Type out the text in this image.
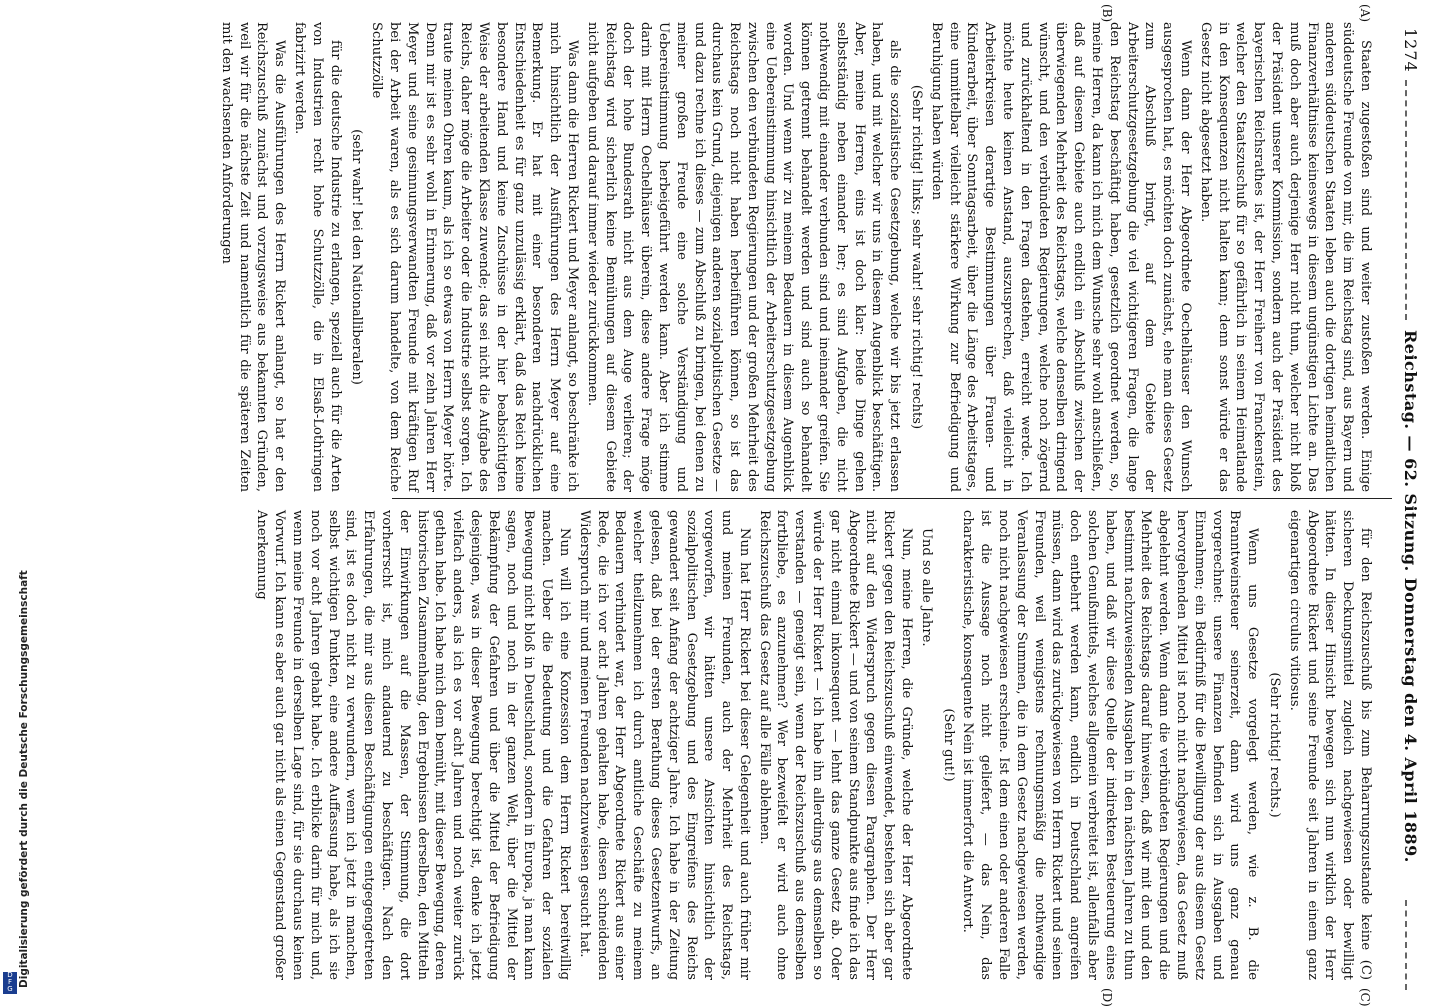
Digitalisierung gefördert durch die Deutsche Forschungsgemeinschaft
D
F
G
1274
Reichstag. — 62. Sitzung. Donnerstag den 4. April 1889.
(A)
(B)
(C)
(D)

Staaten zugestoßen sind und weiter zustoßen werden. Einige süddeutsche Freunde von mir, die im Reichstag sind, aus Bayern und anderen süddeutschen Staaten leben auch die dortigen heimatlichen Finanzverhältnisse keineswegs in diesem ungünstigen Lichte an. Das muß doch aber auch derjenige Herr nicht thun, welcher nicht bloß der Präsident unserer Kommission, sondern auch der Präsident des bayerischen Reichsrathes ist, der Herr Freiherr von Franckenstein, welcher den Staatszuschuß für so gefährlich in seinem Heimatlande in den Konsequenzen nicht halten kann; denn sonst würde er das Gesetz nicht abgesetzt haben.

Wenn dann der Herr Abgeordnete Oechelhäuser den Wunsch ausgesprochen hat, es möchten doch zunächst, ehe man dieses Gesetz zum Abschluß bringt, auf dem Gebiete der Arbeiterschutzgesetzgebung die viel wichtigeren Fragen, die lange den Reichstag beschäftigt haben, gesetzlich geordnet werden, so, meine Herren, da kann ich mich dem Wunsche sehr wohl anschließen, daß auf diesem Gebiete auch endlich ein Abschluß zwischen der überwiegenden Mehrheit des Reichstags, welche denselben dringend wünscht, und den verbündeten Regierungen, welche noch zögernd und zurückhaltend in den Fragen dastehen, erreicht werde. Ich möchte heute keinen Anstand, auszusprechen, daß vielleicht in Arbeiterkreisen derartige Bestimmungen über Frauen- und Kinderarbeit, über Sonntagsarbeit, über die Länge des Arbeitstages, eine unmittelbar vielleicht stärkere Wirkung zur Befriedigung und Beruhigung haben würden

(Sehr richtig! links; sehr wahr! sehr richtig! rechts)

als die sozialistische Gesetzgebung, welche wir bis jetzt erlassen haben, und mit welcher wir uns in diesem Augenblick beschäftigen. Aber, meine Herren, eins ist doch klar: beide Dinge gehen selbstständig neben einander her; es sind Aufgaben, die nicht nothwendig mit einander verbunden sind und ineinander greifen. Sie können getrennt behandelt werden und sind auch so behandelt worden. Und wenn wir zu meinem Bedauern in diesem Augenblick eine Uebereinstimmung hinsichtlich der Arbeiterschutzgesetzgebung zwischen den verbündeten Regierungen und der großen Mehrheit des Reichstags noch nicht haben herbeiführen können, so ist das durchaus kein Grund, diejenigen anderen sozialpolitischen Gesetze — und dazu rechne ich dieses — zum Abschluß zu bringen, bei denen zu meiner großen Freude eine solche Verständigung und Uebereinstimmung herbeigeführt werden kann. Aber ich stimme darin mit Herrn Oechelhäuser überein, diese andere Frage möge doch der hohe Bundesrath nicht aus dem Auge verlieren; der Reichstag wird sicherlich keine Bemühungen auf diesem Gebiete nicht aufgeben und darauf immer wieder zurückkommen.

Was dann die Herren Rickert und Meyer anlangt, so beschränke ich mich hinsichtlich der Ausführungen des Herrn Meyer auf eine Bemerkung. Er hat mit einer besonderen nachdrücklichen Entschiedenheit es für ganz unzulässig erklärt, daß das Reich keine besondere Hand und keine Zuschüsse in der hier beabsichtigten Weise der arbeitenden Klasse zuwende; das sei nicht die Aufgabe des Reichs, daher möge die Arbeiter oder die Industrie selbst sorgen. Ich traute meinen Ohren kaum, als ich so etwas von Herrn Meyer hörte. Denn mir ist es sehr wohl in Erinnerung, daß vor zehn Jahren Herr Meyer und seine gesinnungsverwandten Freunde mit kräftigen Ruf bei der Arbeit waren, als es sich darum handelte, von dem Reiche Schutzzölle

(sehr wahr! bei den Nationalliberalen)

für die deutsche Industrie zu erlangen, speziell auch für die Arten von Industrien recht hohe Schutzzölle, die in Elsaß-Lothringen fabrizirt werden.

Was die Ausführungen des Herrn Rickert anlangt, so hat er den Reichszuschuß zunächst und vorzugsweise aus bekannten Gründen, weil wir für die nächste Zeit und namentlich für die späteren Zeiten mit den wachsenden Anforderungen

für den Reichszuschuß bis zum Beharrungszustande keine (C) sicheren Deckungsmittel zugleich nachgewiesen oder bewilligt hätten. In dieser Hinsicht bewegen sich nun wirklich der Herr Abgeordnete Rickert und seine Freunde seit Jahren in einem ganz eigenartigen circulus vitiosus.

(Sehr richtig! rechts.)

Wenn uns Gesetze vorgelegt werden, wie z. B. die Branntweinsteuer seinerzeit, dann wird uns ganz genau vorgerechnet: unsere Finanzen befinden sich in Ausgaben und Einnahmen; ein Bedürfniß für die Bewilligung der aus diesem Gesetz hervorgehenden Mittel ist noch nicht nachgewiesen, das Gesetz muß abgelehnt werden. Wenn dann die verbündeten Regierungen und die Mehrheit des Reichstags darauf hinweisen, daß wir mit den und den bestimmt nachzuweisenden Ausgaben in den nächsten Jahren zu thun haben, und daß wir diese Quelle der indirekten Besteuerung eines solchen Genußmittels, welches allgemein verbreitet ist, allenfalls aber doch entbehrt werden kann, endlich in Deutschland angreifen müssen, dann wird das zurückgewiesen von Herrn Rickert und seinen Freunden, weil wenigstens rechnungsmäßig die nothwendige Veranlassung der Summen, die in dem Gesetz nachgewiesen werden, noch nicht nachgewiesen erscheine. Ist dem einen oder anderen Falle ist die Aussage noch nicht geliefert, — das Nein, das charakteristische, konsequente Nein ist immerfort die Antwort.

(Sehr gut!)

Und so alle Jahre.

Nun, meine Herren, die Gründe, welche der Herr Abgeordnete Rickert gegen den Reichszuschuß einwendet, bestehen sich aber gar nicht auf den Widerspruch gegen diesen Paragraphen. Der Herr Abgeordnete Rickert — und von seinem Standpunkte aus finde ich das gar nicht einmal inkonsequent — lehnt das ganze Gesetz ab. Oder würde der Herr Rickert — ich habe ihn allerdings aus demselben so verstanden — geneigt sein, wenn der Reichszuschuß aus demselben fortbliebe, es anzunehmen? Wer bezweifelt er wird auch ohne Reichszuschuß das Gesetz auf alle Fälle ablehnen.

Nun hat Herr Rickert bei dieser Gelegenheit und auch früher mir und meinen Freunden, auch der Mehrheit des Reichstags, vorgeworfen, wir hätten unsere Ansichten hinsichtlich der sozialpolitischen Gesetzgebung und des Eingreifens des Reichs gewandert seit Anfang der achtziger Jahre. Ich habe in der Zeitung gelesen, daß bei der ersten Berathung dieses Gesetzentwurfs, an welcher theilzunehmen ich durch amtliche Geschäfte zu meinem Bedauern verhindert war, der Herr Abgeordnete Rickert aus einer Rede, die ich vor acht Jahren gehalten habe, diesen schneidenden Widerspruch mir und meinen Freunden nachzuweisen gesucht hat.

Nun will ich eine Konzession dem Herrn Rickert bereitwillig machen. Ueber die Bedeutung und die Gefahren der sozialen Bewegung nicht bloß in Deutschland, sondern in Europa, ja man kann sagen, noch und noch in der ganzen Welt, über die Mittel der Bekämpfung der Gefahren und über die Mittel der Befriedigung desjenigen, was in dieser Bewegung berechtigt ist, denke ich jetzt vielfach anders, als ich es vor acht Jahren und noch weiter zurück gethan habe. Ich habe mich dem bemüht, mit dieser Bewegung, deren historischen Zusammenhang, den Ergebnissen derselben, den Mitteln der Einwirkungen auf die Massen, der Stimmung, die dort vorherrscht ist, mich andauernd zu beschäftigen. Nach den Erfahrungen, die mir aus diesen Beschäftigungen entgegengetreten sind, ist es doch nicht zu verwundern, wenn ich jetzt in manchen, selbst wichtigen Punkten, eine andere Auffassung habe, als ich sie noch vor acht Jahren gehabt habe. Ich erblicke darin für mich und, wenn meine Freunde in derselben Lage sind, für sie durchaus keinen Vorwurf. Ich kann es aber auch gar nicht als einen Gegenstand großer Anerkennung
